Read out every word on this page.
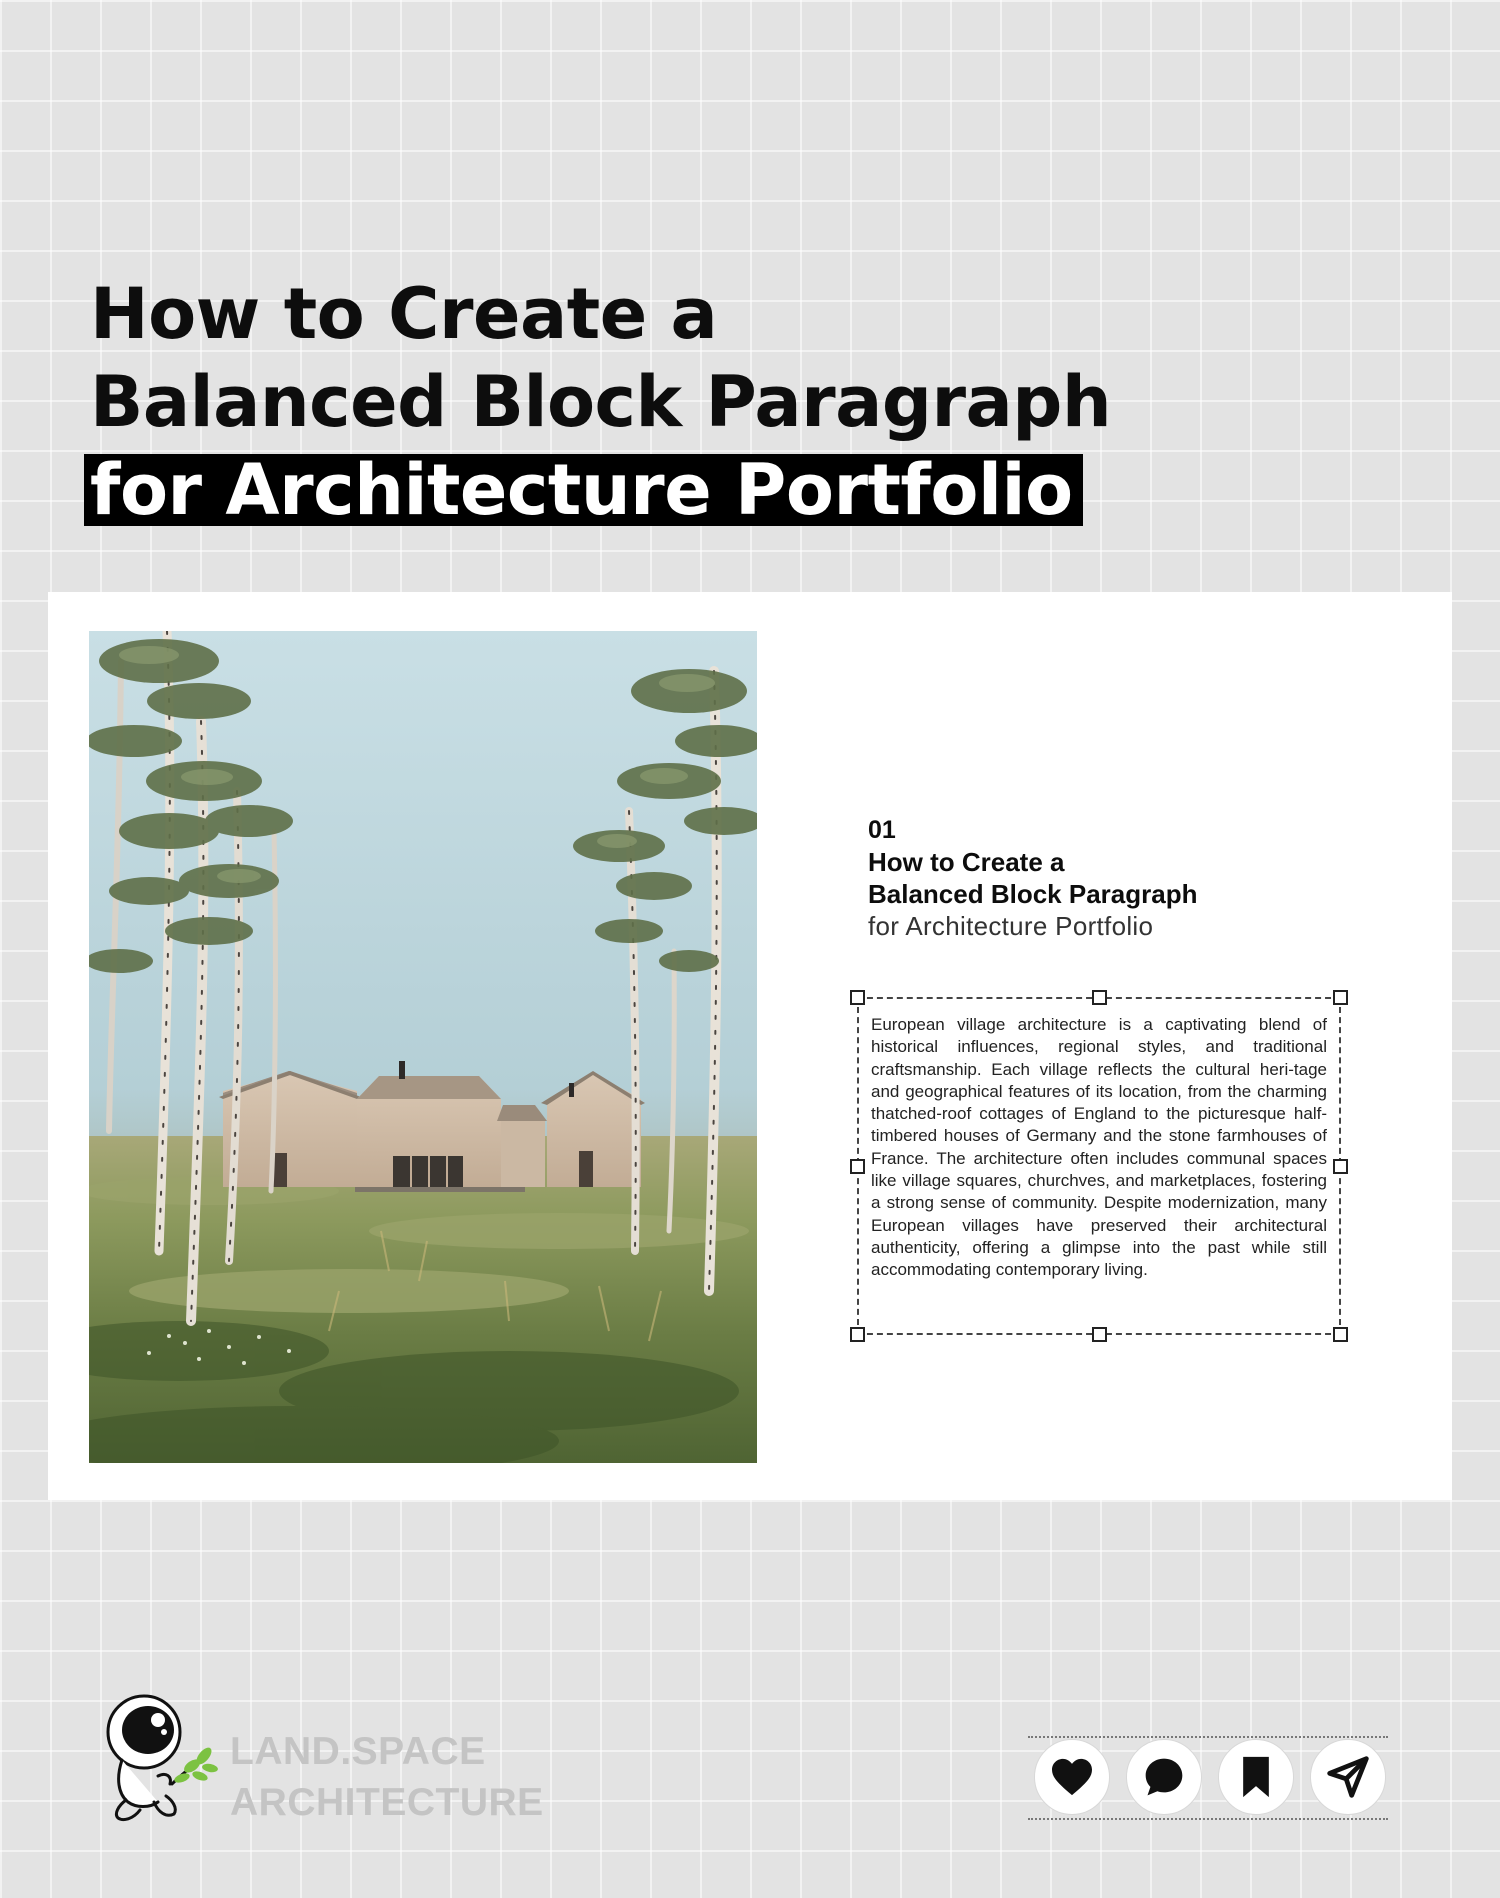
How to Create a
Balanced Block Paragraph
for Architecture Portfolio
01
How to Create a
Balanced Block Paragraph
for Architecture Portfolio

European village architecture is a captivating blend of historical influences, regional styles, and traditional craftsmanship. Each village reflects the cultural heri-tage and geographical features of its location, from the charming thatched-roof cottages of England to the picturesque half-timbered houses of Germany and the stone farmhouses of France. The architecture often includes communal spaces like village squares, churchves, and marketplaces, fostering a strong sense of community. Despite modernization, many European villages have preserved their architectural authenticity, offering a glimpse into the past while still accommodating contemporary living.

LAND.SPACE
ARCHITECTURE
